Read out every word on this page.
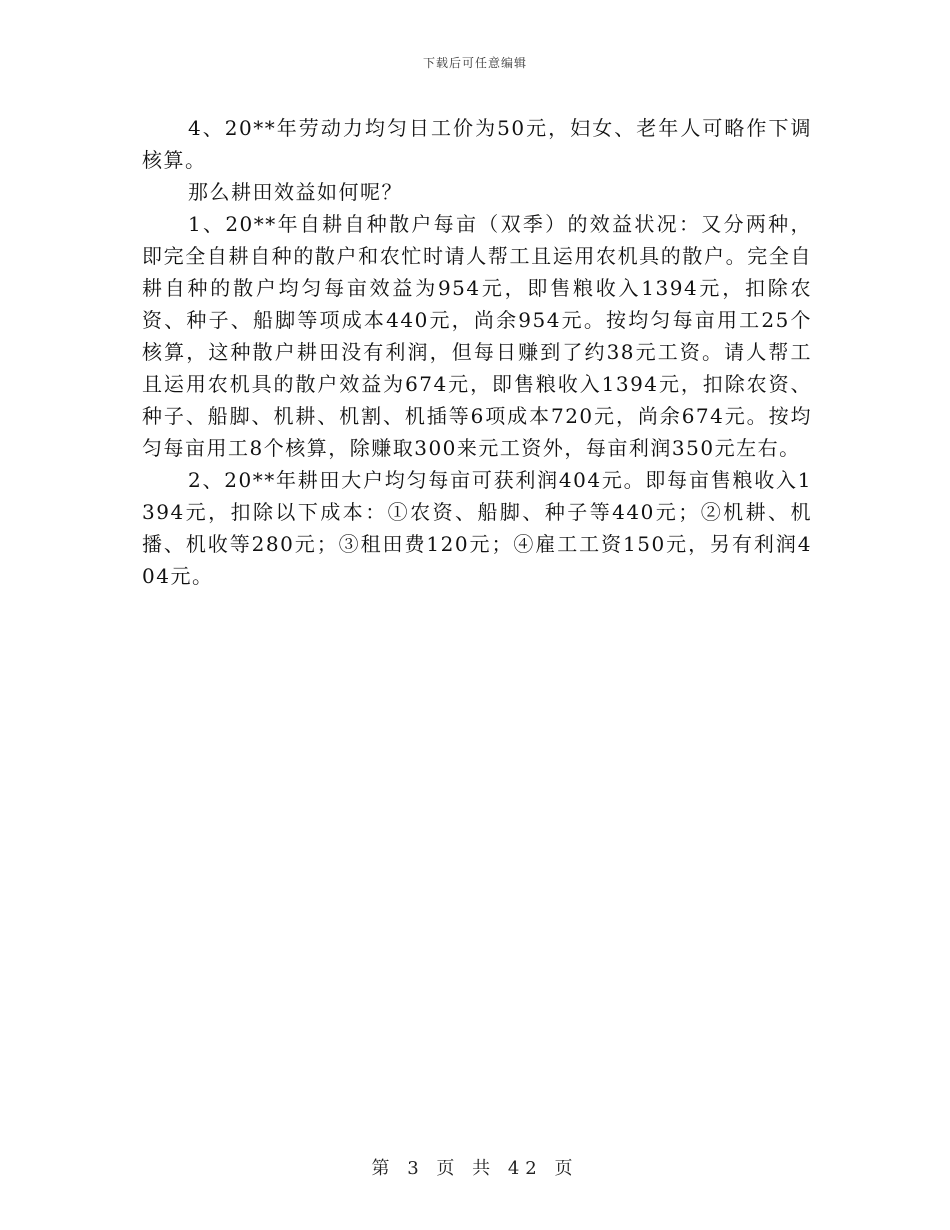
下载后可任意编辑

4、20**年劳动力均匀日工价为50元，妇女、老年人可略作下调核算。

那么耕田效益如何呢？

1、20**年自耕自种散户每亩（双季）的效益状况：又分两种，即完全自耕自种的散户和农忙时请人帮工且运用农机具的散户。完全自耕自种的散户均匀每亩效益为954元，即售粮收入1394元，扣除农资、种子、船脚等项成本440元，尚余954元。按均匀每亩用工25个核算，这种散户耕田没有利润，但每日赚到了约38元工资。请人帮工且运用农机具的散户效益为674元，即售粮收入1394元，扣除农资、种子、船脚、机耕、机割、机插等6项成本720元，尚余674元。按均匀每亩用工8个核算，除赚取300来元工资外，每亩利润350元左右。

2、20**年耕田大户均匀每亩可获利润404元。即每亩售粮收入1394元，扣除以下成本：①农资、船脚、种子等440元；②机耕、机播、机收等280元；③租田费120元；④雇工工资150元，另有利润404元。

第 3 页 共 42 页
